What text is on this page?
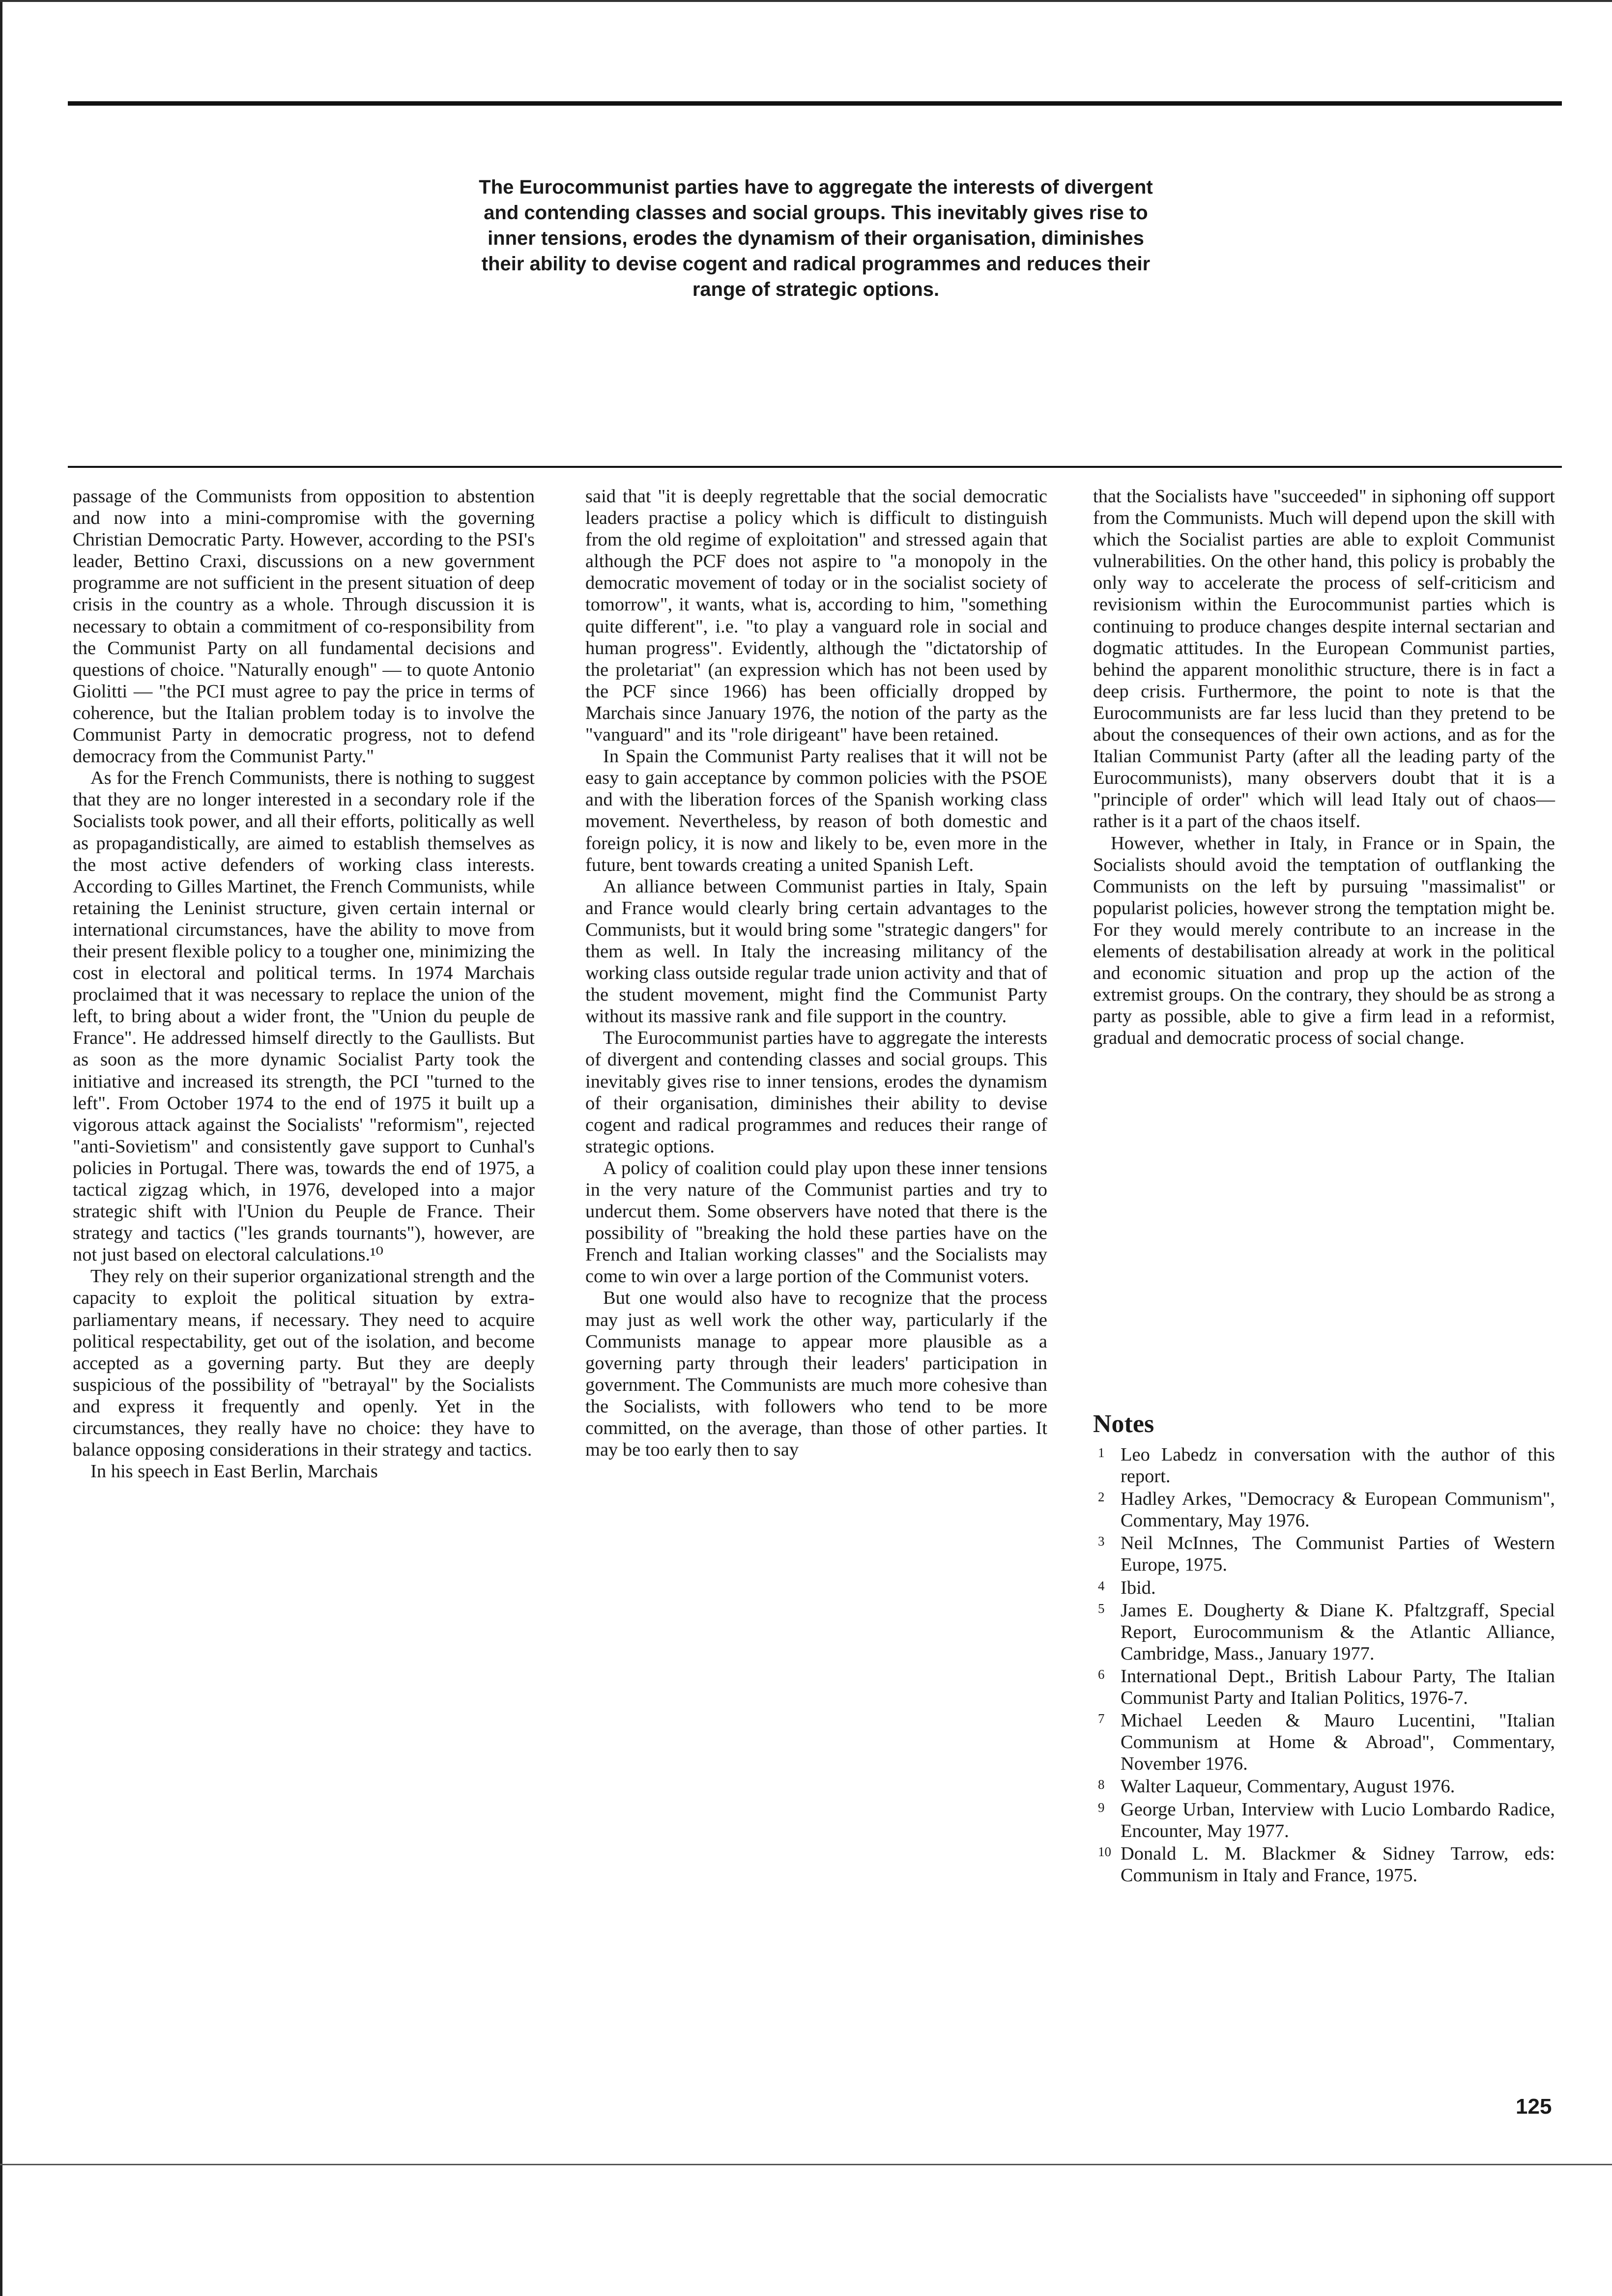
The Eurocommunist parties have to aggregate the interests of divergent and contending classes and social groups. This inevitably gives rise to inner tensions, erodes the dynamism of their organisation, diminishes their ability to devise cogent and radical programmes and reduces their range of strategic options.

passage of the Communists from opposition to abstention and now into a mini-compromise with the governing Christian Democratic Party. However, according to the PSI's leader, Bettino Craxi, discussions on a new government programme are not sufficient in the present situation of deep crisis in the country as a whole. Through discussion it is necessary to obtain a commitment of co-responsibility from the Communist Party on all fundamental decisions and questions of choice. "Naturally enough" — to quote Antonio Giolitti — "the PCI must agree to pay the price in terms of coherence, but the Italian problem today is to involve the Communist Party in democratic progress, not to defend democracy from the Communist Party."

As for the French Communists, there is nothing to suggest that they are no longer interested in a secondary role if the Socialists took power, and all their efforts, politically as well as propagandistically, are aimed to establish themselves as the most active defenders of working class interests. According to Gilles Martinet, the French Communists, while retaining the Leninist structure, given certain internal or international circumstances, have the ability to move from their present flexible policy to a tougher one, minimizing the cost in electoral and political terms. In 1974 Marchais proclaimed that it was necessary to replace the union of the left, to bring about a wider front, the "Union du peuple de France". He addressed himself directly to the Gaullists. But as soon as the more dynamic Socialist Party took the initiative and increased its strength, the PCI "turned to the left". From October 1974 to the end of 1975 it built up a vigorous attack against the Socialists' "reformism", rejected "anti-Sovietism" and consistently gave support to Cunhal's policies in Portugal. There was, towards the end of 1975, a tactical zigzag which, in 1976, developed into a major strategic shift with l'Union du Peuple de France. Their strategy and tactics ("les grands tournants"), however, are not just based on electoral calculations.¹⁰

They rely on their superior organizational strength and the capacity to exploit the political situation by extra-parliamentary means, if necessary. They need to acquire political respectability, get out of the isolation, and become accepted as a governing party. But they are deeply suspicious of the possibility of "betrayal" by the Socialists and express it frequently and openly. Yet in the circumstances, they really have no choice: they have to balance opposing considerations in their strategy and tactics.

In his speech in East Berlin, Marchais

said that "it is deeply regrettable that the social democratic leaders practise a policy which is difficult to distinguish from the old regime of exploitation" and stressed again that although the PCF does not aspire to "a monopoly in the democratic movement of today or in the socialist society of tomorrow", it wants, what is, according to him, "something quite different", i.e. "to play a vanguard role in social and human progress". Evidently, although the "dictatorship of the proletariat" (an expression which has not been used by the PCF since 1966) has been officially dropped by Marchais since January 1976, the notion of the party as the "vanguard" and its "role dirigeant" have been retained.

In Spain the Communist Party realises that it will not be easy to gain acceptance by common policies with the PSOE and with the liberation forces of the Spanish working class movement. Nevertheless, by reason of both domestic and foreign policy, it is now and likely to be, even more in the future, bent towards creating a united Spanish Left.

An alliance between Communist parties in Italy, Spain and France would clearly bring certain advantages to the Communists, but it would bring some "strategic dangers" for them as well. In Italy the increasing militancy of the working class outside regular trade union activity and that of the student movement, might find the Communist Party without its massive rank and file support in the country.

The Eurocommunist parties have to aggregate the interests of divergent and contending classes and social groups. This inevitably gives rise to inner tensions, erodes the dynamism of their organisation, diminishes their ability to devise cogent and radical programmes and reduces their range of strategic options.

A policy of coalition could play upon these inner tensions in the very nature of the Communist parties and try to undercut them. Some observers have noted that there is the possibility of "breaking the hold these parties have on the French and Italian working classes" and the Socialists may come to win over a large portion of the Communist voters.

But one would also have to recognize that the process may just as well work the other way, particularly if the Communists manage to appear more plausible as a governing party through their leaders' participation in government. The Communists are much more cohesive than the Socialists, with followers who tend to be more committed, on the average, than those of other parties. It may be too early then to say

that the Socialists have "succeeded" in siphoning off support from the Communists. Much will depend upon the skill with which the Socialist parties are able to exploit Communist vulnerabilities. On the other hand, this policy is probably the only way to accelerate the process of self-criticism and revisionism within the Eurocommunist parties which is continuing to produce changes despite internal sectarian and dogmatic attitudes. In the European Communist parties, behind the apparent monolithic structure, there is in fact a deep crisis. Furthermore, the point to note is that the Eurocommunists are far less lucid than they pretend to be about the consequences of their own actions, and as for the Italian Communist Party (after all the leading party of the Eurocommunists), many observers doubt that it is a "principle of order" which will lead Italy out of chaos—rather is it a part of the chaos itself.

However, whether in Italy, in France or in Spain, the Socialists should avoid the temptation of outflanking the Communists on the left by pursuing "massimalist" or popularist policies, however strong the temptation might be. For they would merely contribute to an increase in the elements of destabilisation already at work in the political and economic situation and prop up the action of the extremist groups. On the contrary, they should be as strong a party as possible, able to give a firm lead in a reformist, gradual and democratic process of social change.

Notes
1 Leo Labedz in conversation with the author of this report.
2 Hadley Arkes, "Democracy & European Communism", Commentary, May 1976.
3 Neil McInnes, The Communist Parties of Western Europe, 1975.
4 Ibid.
5 James E. Dougherty & Diane K. Pfaltzgraff, Special Report, Eurocommunism & the Atlantic Alliance, Cambridge, Mass., January 1977.
6 International Dept., British Labour Party, The Italian Communist Party and Italian Politics, 1976-7.
7 Michael Leeden & Mauro Lucentini, "Italian Communism at Home & Abroad", Commentary, November 1976.
8 Walter Laqueur, Commentary, August 1976.
9 George Urban, Interview with Lucio Lombardo Radice, Encounter, May 1977.
10 Donald L. M. Blackmer & Sidney Tarrow, eds: Communism in Italy and France, 1975.
125
